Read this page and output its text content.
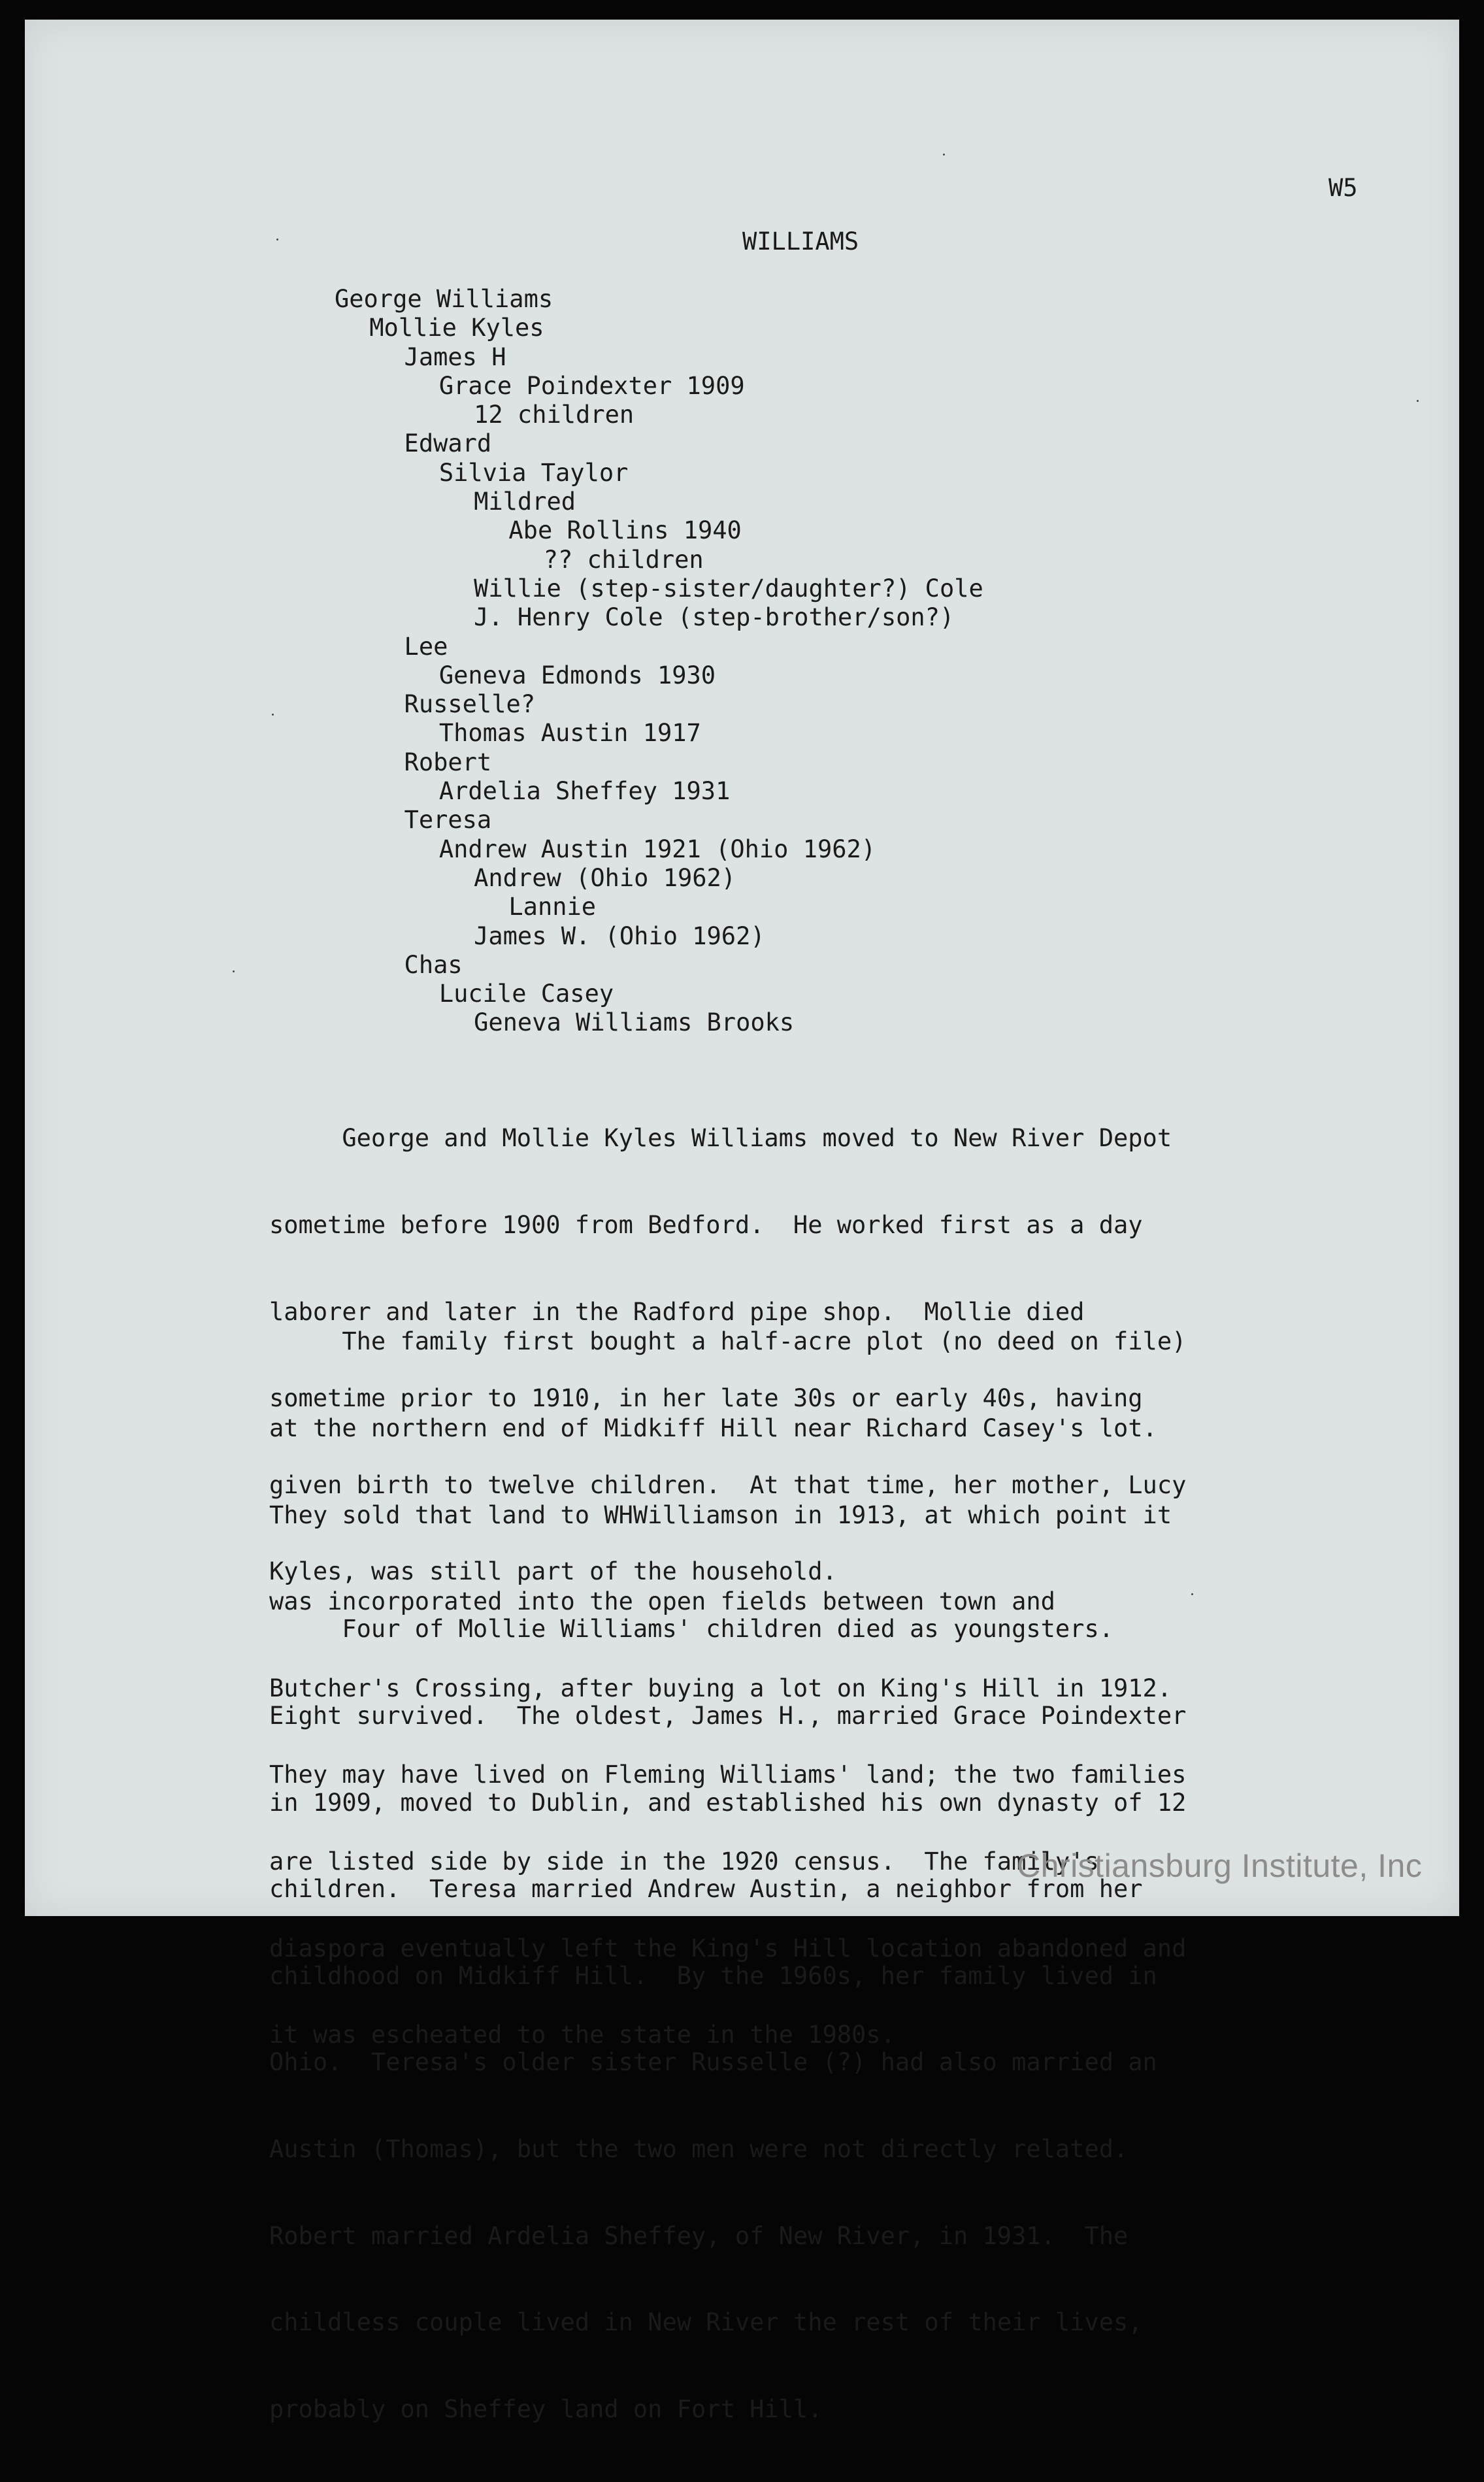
W5
WILLIAMS
George Williams
Mollie Kyles
James H
Grace Poindexter 1909
12 children
Edward
Silvia Taylor
Mildred
Abe Rollins 1940
?? children
Willie (step-sister/daughter?) Cole
J. Henry Cole (step-brother/son?)
Lee
Geneva Edmonds 1930
Russelle?
Thomas Austin 1917
Robert
Ardelia Sheffey 1931
Teresa
Andrew Austin 1921 (Ohio 1962)
Andrew (Ohio 1962)
Lannie
James W. (Ohio 1962)
Chas
Lucile Casey
Geneva Williams Brooks

George and Mollie Kyles Williams moved to New River Depot

sometime before 1900 from Bedford.  He worked first as a day

laborer and later in the Radford pipe shop.  Mollie died

sometime prior to 1910, in her late 30s or early 40s, having

given birth to twelve children.  At that time, her mother, Lucy

Kyles, was still part of the household.

The family first bought a half-acre plot (no deed on file)

at the northern end of Midkiff Hill near Richard Casey's lot.

They sold that land to WHWilliamson in 1913, at which point it

was incorporated into the open fields between town and

Butcher's Crossing, after buying a lot on King's Hill in 1912.

They may have lived on Fleming Williams' land; the two families

are listed side by side in the 1920 census.  The family's

diaspora eventually left the King's Hill location abandoned and

it was escheated to the state in the 1980s.

Four of Mollie Williams' children died as youngsters.

Eight survived.  The oldest, James H., married Grace Poindexter

in 1909, moved to Dublin, and established his own dynasty of 12

children.  Teresa married Andrew Austin, a neighbor from her

childhood on Midkiff Hill.  By the 1960s, her family lived in

Ohio.  Teresa's older sister Russelle (?) had also married an

Austin (Thomas), but the two men were not directly related.

Robert married Ardelia Sheffey, of New River, in 1931.  The

childless couple lived in New River the rest of their lives,

probably on Sheffey land on Fort Hill.

Christiansburg Institute, Inc
